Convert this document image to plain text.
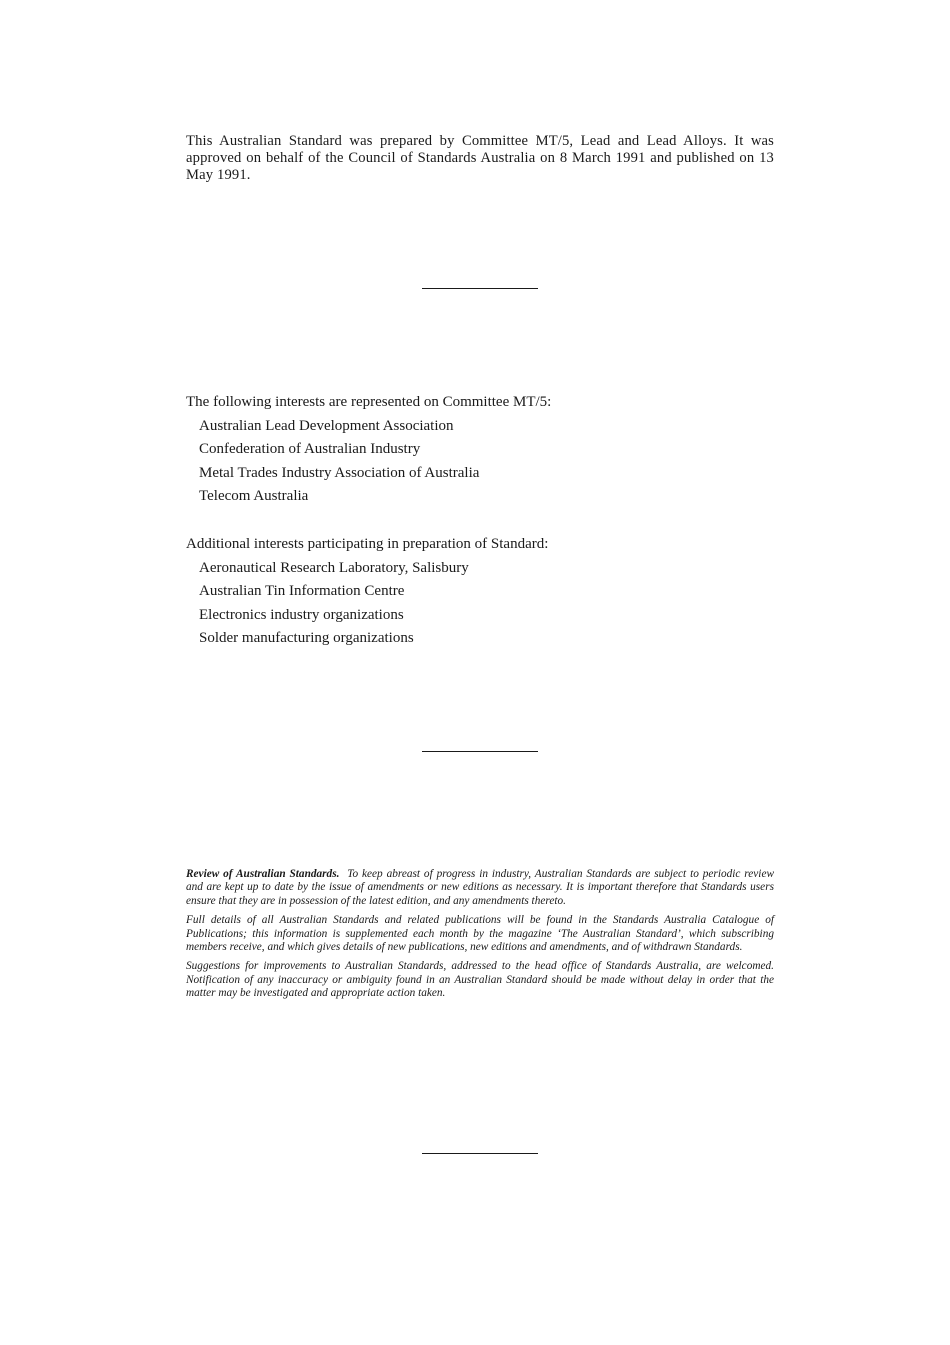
This Australian Standard was prepared by Committee MT/5, Lead and Lead Alloys. It was approved on behalf of the Council of Standards Australia on 8 March 1991 and published on 13 May 1991.
The following interests are represented on Committee MT/5:
Australian Lead Development Association
Confederation of Australian Industry
Metal Trades Industry Association of Australia
Telecom Australia
Additional interests participating in preparation of Standard:
Aeronautical Research Laboratory, Salisbury
Australian Tin Information Centre
Electronics industry organizations
Solder manufacturing organizations

Review of Australian Standards. To keep abreast of progress in industry, Australian Standards are subject to periodic review and are kept up to date by the issue of amendments or new editions as necessary. It is important therefore that Standards users ensure that they are in possession of the latest edition, and any amendments thereto.

Full details of all Australian Standards and related publications will be found in the Standards Australia Catalogue of Publications; this information is supplemented each month by the magazine ‘The Australian Standard’, which subscribing members receive, and which gives details of new publications, new editions and amendments, and of withdrawn Standards.

Suggestions for improvements to Australian Standards, addressed to the head office of Standards Australia, are welcomed. Notification of any inaccuracy or ambiguity found in an Australian Standard should be made without delay in order that the matter may be investigated and appropriate action taken.
